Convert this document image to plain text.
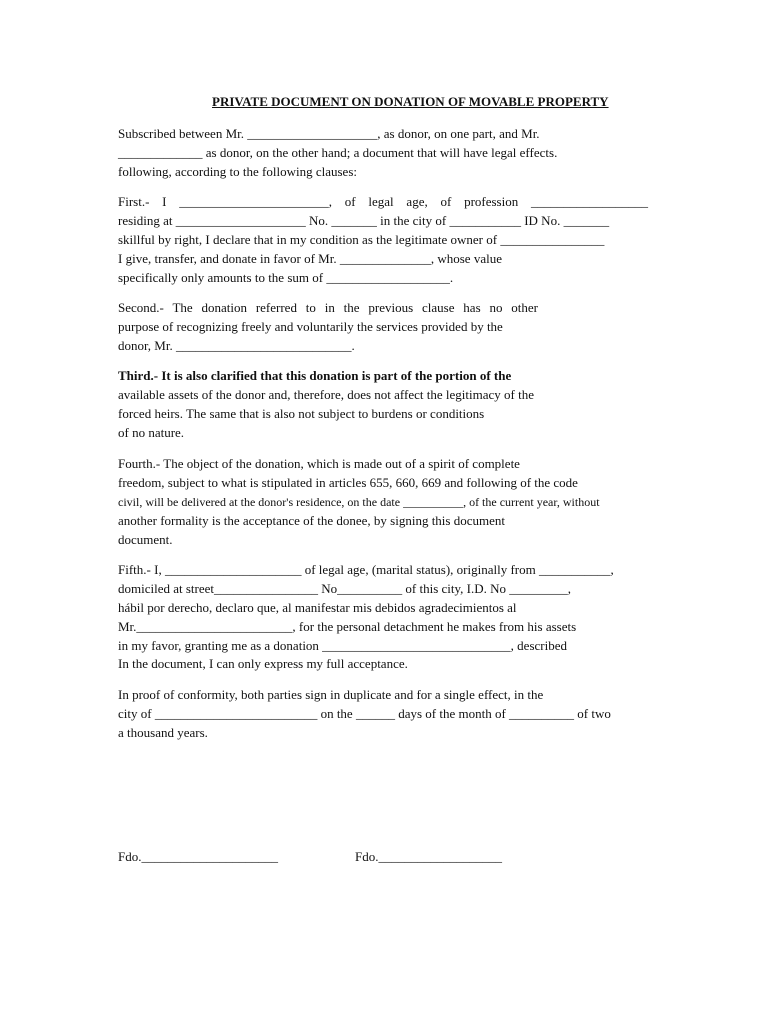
PRIVATE DOCUMENT ON DONATION OF MOVABLE PROPERTY
Subscribed between Mr. ____________________, as donor, on one part, and Mr.
_____________ as donor, on the other hand; a document that will have legal effects.
following, according to the following clauses:
First.- I _______________________, of legal age, of profession __________________
residing at ____________________ No. _______ in the city of ___________ ID No. _______
skillful by right, I declare that in my condition as the legitimate owner of ________________
I give, transfer, and donate in favor of Mr. ______________, whose value
specifically only amounts to the sum of ___________________.
Second.- The donation referred to in the previous clause has no other
purpose of recognizing freely and voluntarily the services provided by the
donor, Mr. ___________________________.
Third.- It is also clarified that this donation is part of the portion of the
available assets of the donor and, therefore, does not affect the legitimacy of the
forced heirs. The same that is also not subject to burdens or conditions
of no nature.
Fourth.- The object of the donation, which is made out of a spirit of complete
freedom, subject to what is stipulated in articles 655, 660, 669 and following of the code
civil, will be delivered at the donor's residence, on the date __________, of the current year, without
another formality is the acceptance of the donee, by signing this document
document.
Fifth.- I, _____________________ of legal age, (marital status), originally from ___________,
domiciled at street________________ No__________ of this city, I.D. No _________,
hábil por derecho, declaro que, al manifestar mis debidos agradecimientos al
Mr.________________________, for the personal detachment he makes from his assets
in my favor, granting me as a donation _____________________________, described
In the document, I can only express my full acceptance.
In proof of conformity, both parties sign in duplicate and for a single effect, in the
city of _________________________ on the ______ days of the month of __________ of two
a thousand years.
Fdo._____________________	Fdo.___________________
